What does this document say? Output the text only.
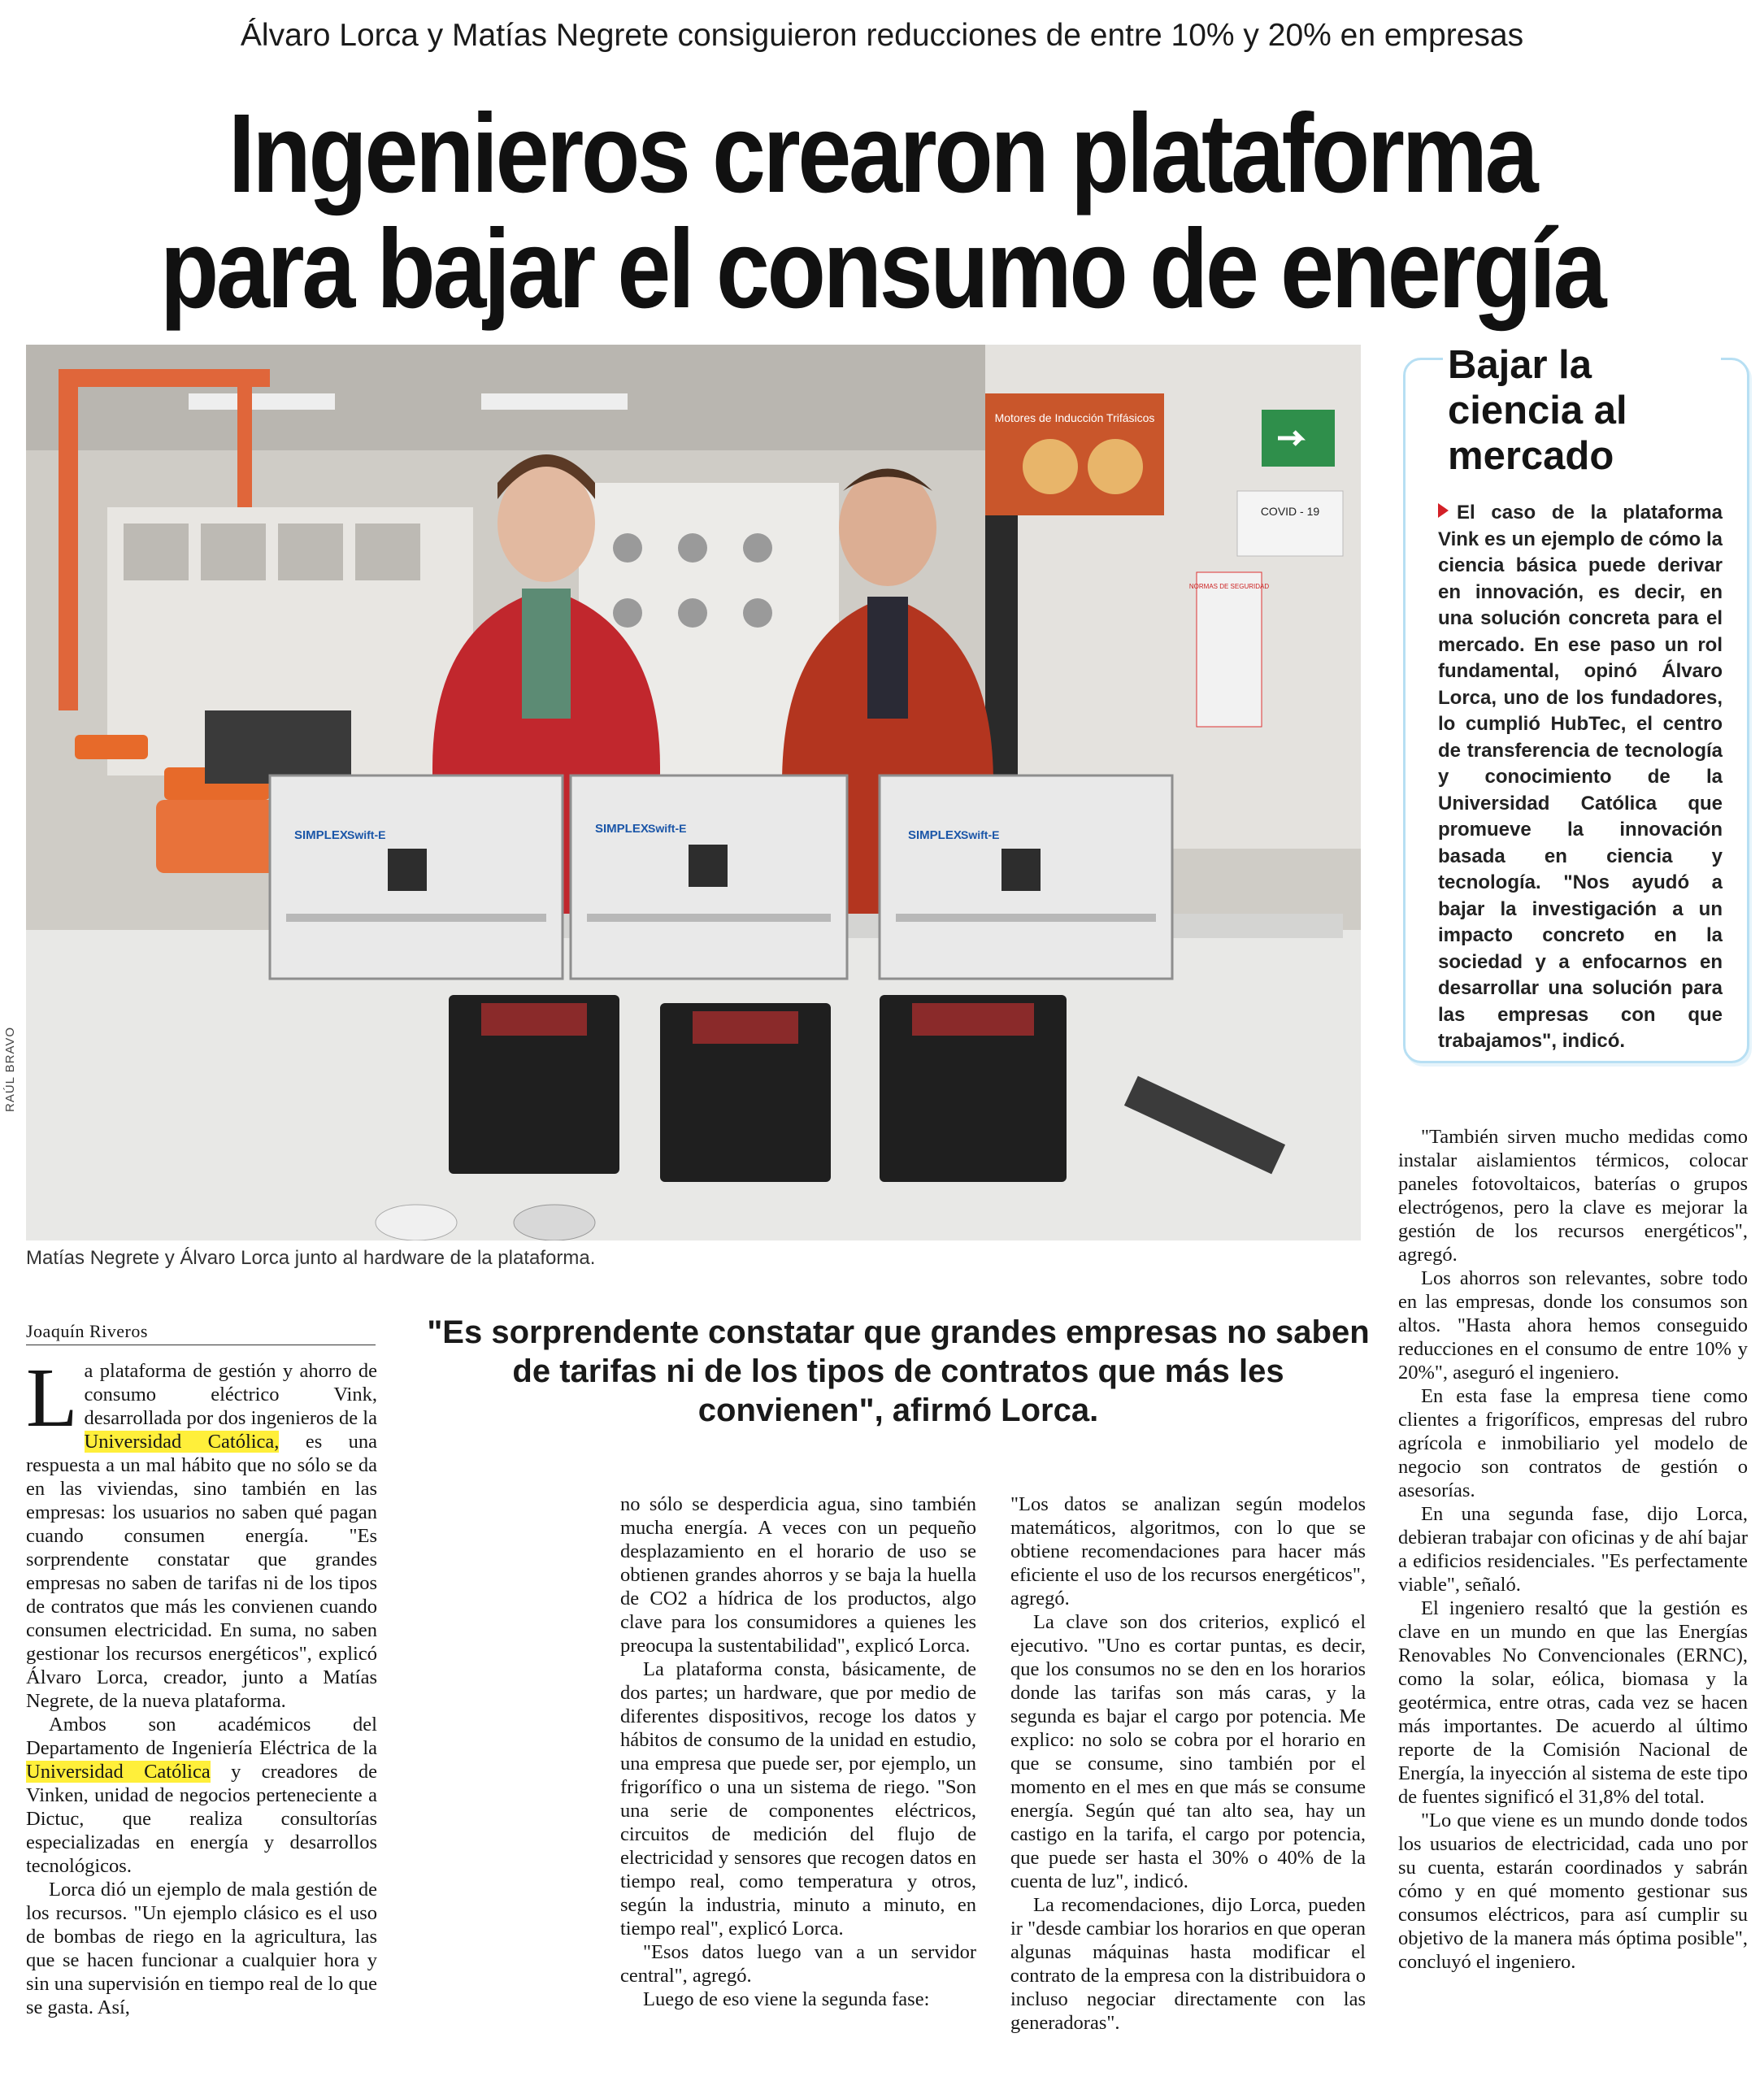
Álvaro Lorca y Matías Negrete consiguieron reducciones de entre 10% y 20% en empresas
Ingenieros crearon plataforma
para bajar el consumo de energía
Motores de Inducción Trifásicos
COVID - 19
NORMAS DE SEGURIDAD
SIMPLEX Swift-E	SIMPLEX Swift-E	SIMPLEX Swift-E
RAÚL BRAVO
Matías Negrete y Álvaro Lorca junto al hardware de la plataforma.
Bajar la ciencia al mercado
El caso de la plataforma Vink es un ejemplo de cómo la ciencia básica puede derivar en innovación, es decir, en una solución concreta para el mercado. En ese paso un rol fundamental, opinó Álvaro Lorca, uno de los fundadores, lo cumplió HubTec, el centro de transferencia de tecnología y conocimiento de la Universidad Católica que promueve la innovación basada en ciencia y tecnología. "Nos ayudó a bajar la investigación a un impacto concreto en la sociedad y a enfocarnos en desarrollar una solución para las empresas con que trabajamos", indicó.
Joaquín Riveros	"Es sorprendente constatar que grandes empresas no saben de tarifas ni de los tipos de contratos que más les convienen", afirmó Lorca.

La plataforma de gestión y ahorro de consumo eléctrico Vink, desarrollada por dos ingenieros de la Universidad Católica, es una respuesta a un mal hábito que no sólo se da en las viviendas, sino también en las empresas: los usuarios no saben qué pagan cuando consumen energía. "Es sorprendente constatar que grandes empresas no saben de tarifas ni de los tipos de contratos que más les convienen cuando consumen electricidad. En suma, no saben gestionar los recursos energéticos", explicó Álvaro Lorca, creador, junto a Matías Negrete, de la nueva plataforma.

Ambos son académicos del Departamento de Ingeniería Eléctrica de la Universidad Católica y creadores de Vinken, unidad de negocios perteneciente a Dictuc, que realiza consultorías especializadas en energía y desarrollos tecnológicos.

Lorca dió un ejemplo de mala gestión de los recursos. "Un ejemplo clásico es el uso de bombas de riego en la agricultura, las que se hacen funcionar a cualquier hora y sin una supervisión en tiempo real de lo que se gasta. Así,

no sólo se desperdicia agua, sino también mucha energía. A veces con un pequeño desplazamiento en el horario de uso se obtienen grandes ahorros y se baja la huella de CO2 a hídrica de los productos, algo clave para los consumidores a quienes les preocupa la sustentabilidad", explicó Lorca.

La plataforma consta, básicamente, de dos partes; un hardware, que por medio de diferentes dispositivos, recoge los datos y hábitos de consumo de la unidad en estudio, una empresa que puede ser, por ejemplo, un frigorífico o una un sistema de riego. "Son una serie de componentes eléctricos, circuitos de medición del flujo de electricidad y sensores que recogen datos en tiempo real, como temperatura y otros, según la industria, minuto a minuto, en tiempo real", explicó Lorca.

"Esos datos luego van a un servidor central", agregó.

Luego de eso viene la segunda fase:

"Los datos se analizan según modelos matemáticos, algoritmos, con lo que se obtiene recomendaciones para hacer más eficiente el uso de los recursos energéticos", agregó.

La clave son dos criterios, explicó el ejecutivo. "Uno es cortar puntas, es decir, que los consumos no se den en los horarios donde las tarifas son más caras, y la segunda es bajar el cargo por potencia. Me explico: no solo se cobra por el horario en que se consume, sino también por el momento en el mes en que más se consume energía. Según qué tan alto sea, hay un castigo en la tarifa, el cargo por potencia, que puede ser hasta el 30% o 40% de la cuenta de luz", indicó.

La recomendaciones, dijo Lorca, pueden ir "desde cambiar los horarios en que operan algunas máquinas hasta modificar el contrato de la empresa con la distribuidora o incluso negociar directamente con las generadoras".

"También sirven mucho medidas como instalar aislamientos térmicos, colocar paneles fotovoltaicos, baterías o grupos electrógenos, pero la clave es mejorar la gestión de los recursos energéticos", agregó.

Los ahorros son relevantes, sobre todo en las empresas, donde los consumos son altos. "Hasta ahora hemos conseguido reducciones en el consumo de entre 10% y 20%", aseguró el ingeniero.

En esta fase la empresa tiene como clientes a frigoríficos, empresas del rubro agrícola e inmobiliario yel modelo de negocio son contratos de gestión o asesorías.

En una segunda fase, dijo Lorca, debieran trabajar con oficinas y de ahí bajar a edificios residenciales. "Es perfectamente viable", señaló.

El ingeniero resaltó que la gestión es clave en un mundo en que las Energías Renovables No Convencionales (ERNC), como la solar, eólica, biomasa y la geotérmica, entre otras, cada vez se hacen más importantes. De acuerdo al último reporte de la Comisión Nacional de Energía, la inyección al sistema de este tipo de fuentes significó el 31,8% del total.

"Lo que viene es un mundo donde todos los usuarios de electricidad, cada uno por su cuenta, estarán coordinados y sabrán cómo y en qué momento gestionar sus consumos eléctricos, para así cumplir su objetivo de la manera más óptima posible", concluyó el ingeniero.
